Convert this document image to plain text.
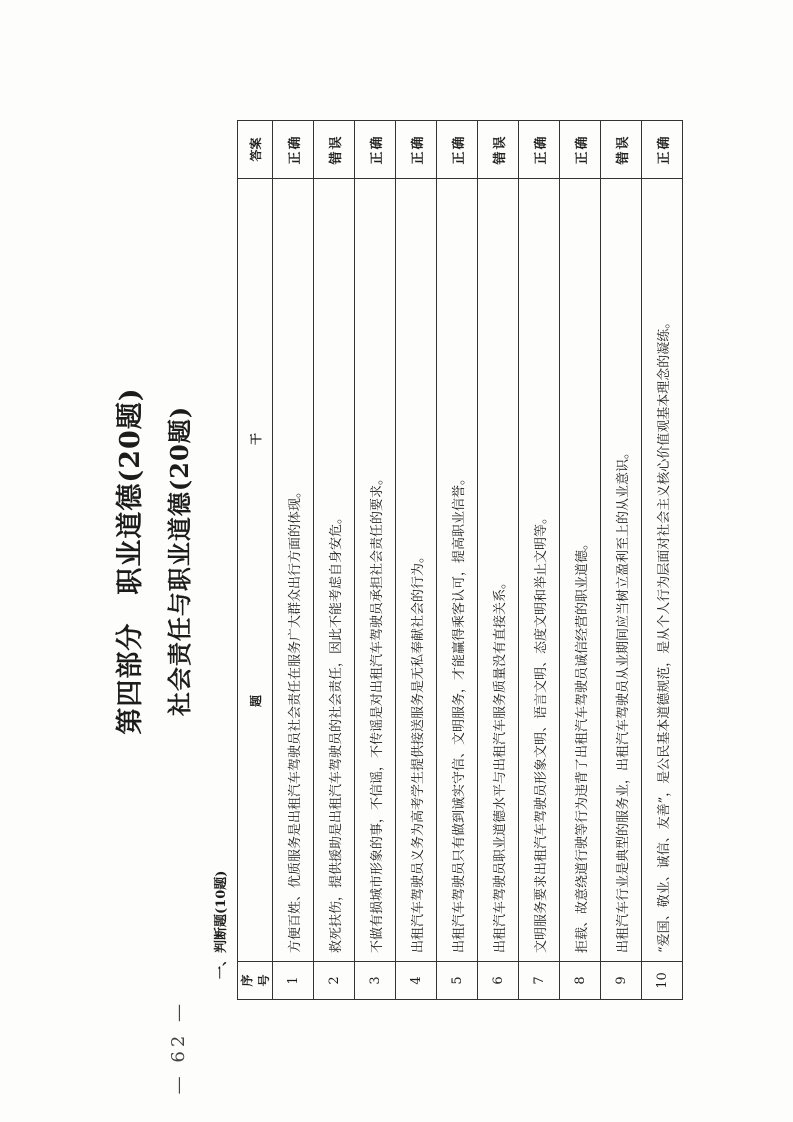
第四部分　职业道德(20题) 社会责任与职业道德(20题)
一、判断题(10题)
序号	题干	答案
1	方便百姓、优质服务是出租汽车驾驶员社会责任在服务广大群众出行方面的体现。	正确
2	救死扶伤，提供援助是出租汽车驾驶员的社会责任，因此不能考虑自身安危。	错误
3	不做有损城市形象的事，不信谣，不传谣是对出租汽车驾驶员承担社会责任的要求。	正确
4	出租汽车驾驶员义务为高考学生提供接送服务是无私奉献社会的行为。	正确
5	出租汽车驾驶员只有做到诚实守信、文明服务，才能赢得乘客认可，提高职业信誉。	正确
6	出租汽车驾驶员职业道德水平与出租汽车服务质量没有直接关系。	错误
7	文明服务要求出租汽车驾驶员形象文明、语言文明、态度文明和举止文明等。	正确
8	拒载、故意绕道行驶等行为违背了出租汽车驾驶员诚信经营的职业道德。	正确
9	出租汽车行业是典型的服务业，出租汽车驾驶员从业期间应当树立盈利至上的从业意识。	错误
10	“爱国、敬业、诚信、友善”，是公民基本道德规范，是从个人行为层面对社会主义核心价值观基本理念的凝练。	正确
— 62 —
